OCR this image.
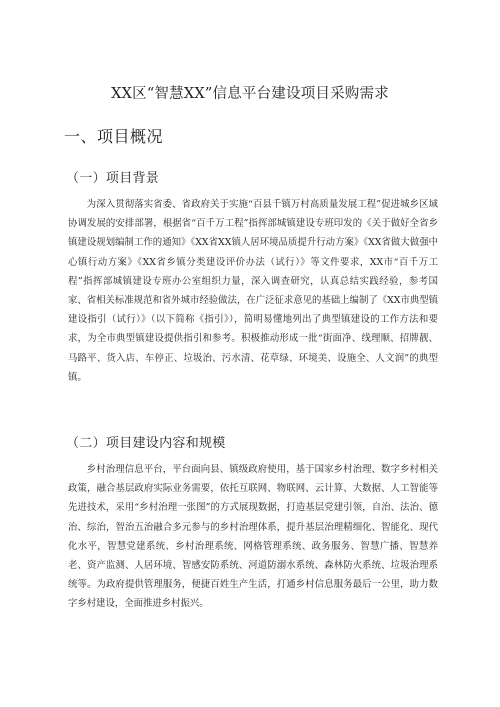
XX区“智慧XX”信息平台建设项目采购需求
一、项目概况
（一）项目背景
为深入贯彻落实省委、省政府关于实施“百县千镇万村高质量发展工程”促进城乡区域协调发展的安排部署，根据省“百千万工程”指挥部城镇建设专班印发的《关于做好全省乡镇建设规划编制工作的通知》《XX省XX镇人居环境品质提升行动方案》《XX省做大做强中心镇行动方案》《XX省乡镇分类建设评价办法（试行）》等文件要求，XX市“百千万工程”指挥部城镇建设专班办公室组织力量，深入调查研究，认真总结实践经验，参考国家、省相关标准规范和省外城市经验做法，在广泛征求意见的基础上编制了《XX市典型镇建设指引（试行）》（以下简称《指引》），简明易懂地列出了典型镇建设的工作方法和要求，为全市典型镇建设提供指引和参考。积极推动形成一批“街面净、线理顺、招牌靓、马路平、货入店、车停正、垃圾治、污水清、花草绿、环境美、设施全、人文润”的典型镇。
（二）项目建设内容和规模
乡村治理信息平台，平台面向县、镇级政府使用，基于国家乡村治理、数字乡村相关政策，融合基层政府实际业务需要，依托互联网、物联网、云计算、大数据、人工智能等先进技术，采用“乡村治理一张图”的方式展现数据，打造基层党建引领，自治、法治、德治、综治，智治五治融合多元参与的乡村治理体系，提升基层治理精细化、智能化、现代化水平，智慧党建系统、乡村治理系统、网格管理系统、政务服务、智慧广播、智慧养老、资产监测、人居环境、智感安防系统、河道防溺水系统、森林防火系统、垃圾治理系统等。为政府提供管理服务，便捷百姓生产生活，打通乡村信息服务最后一公里，助力数字乡村建设，全面推进乡村振兴。
